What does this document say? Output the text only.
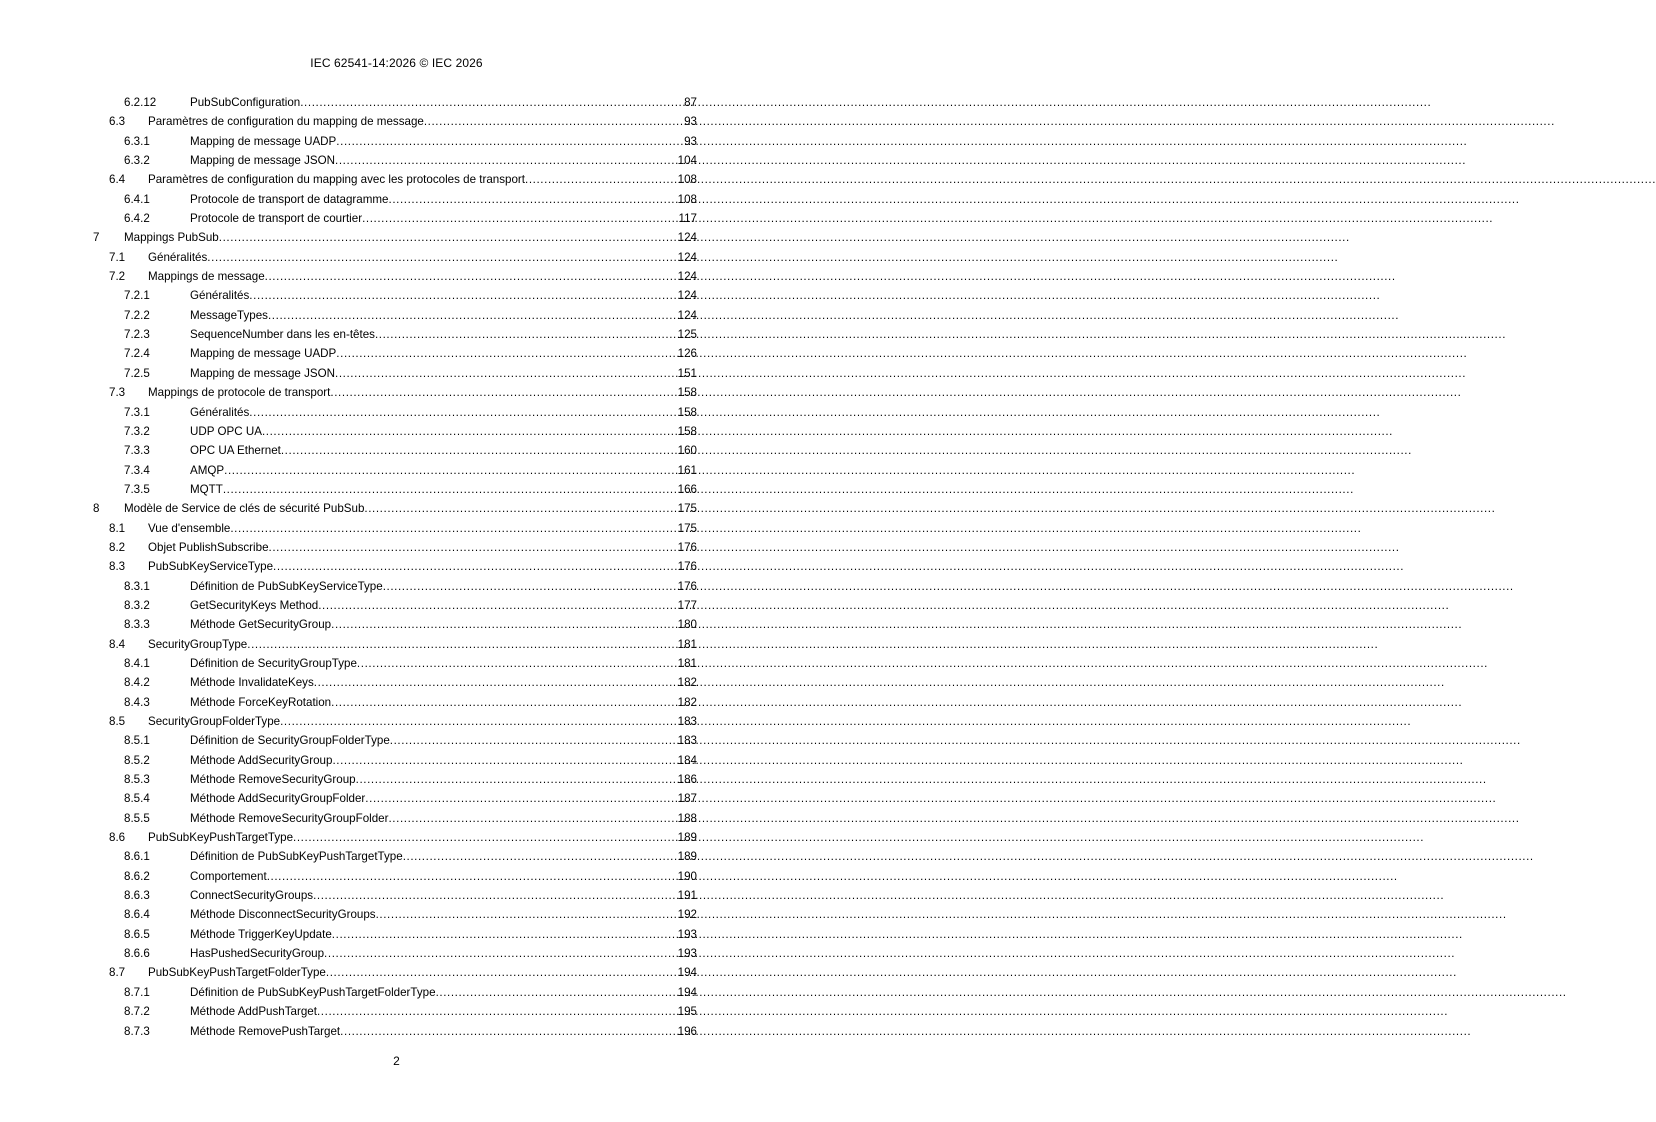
IEC 62541-14:2026 © IEC 2026
6.2.12	PubSubConfiguration .....	87
6.3	Paramètres de configuration du mapping de message .....	93
6.3.1	Mapping de message UADP .....	93
6.3.2	Mapping de message JSON .....	104
6.4	Paramètres de configuration du mapping avec les protocoles de transport .....	108
6.4.1	Protocole de transport de datagramme .....	108
6.4.2	Protocole de transport de courtier .....	117
7	Mappings PubSub .....	124
7.1	Généralités .....	124
7.2	Mappings de message .....	124
7.2.1	Généralités .....	124
7.2.2	MessageTypes .....	124
7.2.3	SequenceNumber dans les en-têtes .....	125
7.2.4	Mapping de message UADP .....	126
7.2.5	Mapping de message JSON .....	151
7.3	Mappings de protocole de transport .....	158
7.3.1	Généralités .....	158
7.3.2	UDP OPC UA .....	158
7.3.3	OPC UA Ethernet .....	160
7.3.4	AMQP .....	161
7.3.5	MQTT .....	166
8	Modèle de Service de clés de sécurité PubSub .....	175
8.1	Vue d'ensemble .....	175
8.2	Objet PublishSubscribe .....	176
8.3	PubSubKeyServiceType .....	176
8.3.1	Définition de PubSubKeyServiceType .....	176
8.3.2	GetSecurityKeys Method .....	177
8.3.3	Méthode GetSecurityGroup .....	180
8.4	SecurityGroupType .....	181
8.4.1	Définition de SecurityGroupType .....	181
8.4.2	Méthode InvalidateKeys .....	182
8.4.3	Méthode ForceKeyRotation .....	182
8.5	SecurityGroupFolderType .....	183
8.5.1	Définition de SecurityGroupFolderType .....	183
8.5.2	Méthode AddSecurityGroup .....	184
8.5.3	Méthode RemoveSecurityGroup .....	186
8.5.4	Méthode AddSecurityGroupFolder .....	187
8.5.5	Méthode RemoveSecurityGroupFolder .....	188
8.6	PubSubKeyPushTargetType .....	189
8.6.1	Définition de PubSubKeyPushTargetType .....	189
8.6.2	Comportement .....	190
8.6.3	ConnectSecurityGroups .....	191
8.6.4	Méthode DisconnectSecurityGroups .....	192
8.6.5	Méthode TriggerKeyUpdate .....	193
8.6.6	HasPushedSecurityGroup .....	193
8.7	PubSubKeyPushTargetFolderType .....	194
8.7.1	Définition de PubSubKeyPushTargetFolderType .....	194
8.7.2	Méthode AddPushTarget .....	195
8.7.3	Méthode RemovePushTarget .....	196
2
